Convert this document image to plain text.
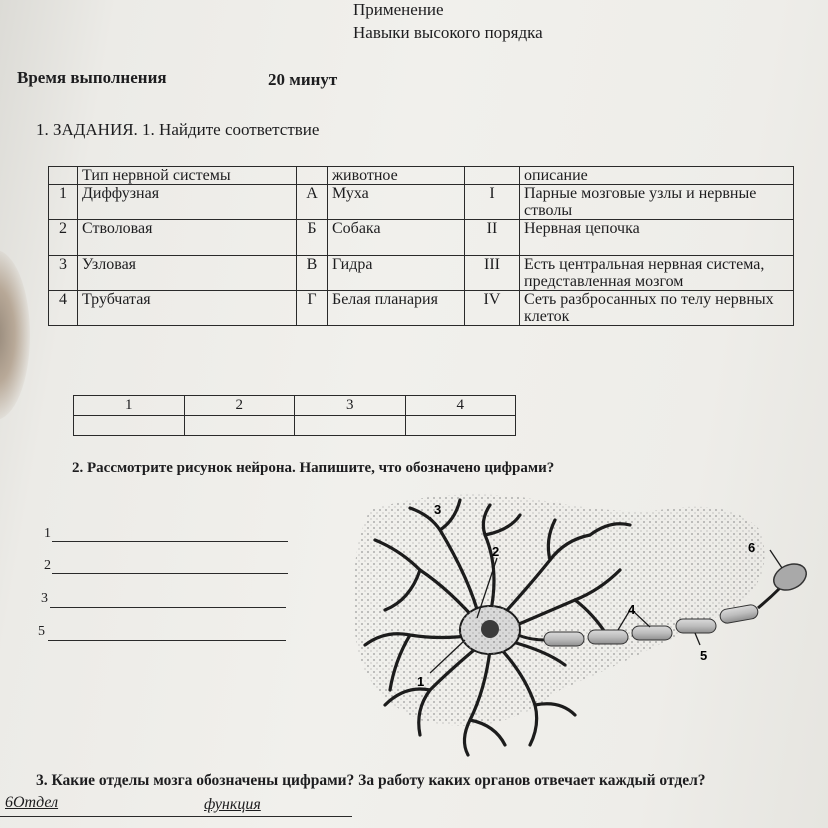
Применение
Навыки высокого порядка
Время выполнения	20 минут
1. ЗАДАНИЯ. 1. Найдите соответствие
	Тип нервной системы		животное		описание
1	Диффузная	А	Муха	I	Парные мозговые узлы и нервные стволы
2	Стволовая	Б	Собака	II	Нервная цепочка
3	Узловая	В	Гидра	III	Есть центральная нервная система, представленная мозгом
4	Трубчатая	Г	Белая планария	IV	Сеть разбросанных по телу нервных клеток
1	2	3	4

2. Рассмотрите рисунок нейрона. Напишите, что обозначено цифрами?
1
2
3
5
1
2
3
4
5
6
3. Какие отделы мозга обозначены цифрами? За работу каких органов отвечает каждый отдел?
6Отдел	функция
